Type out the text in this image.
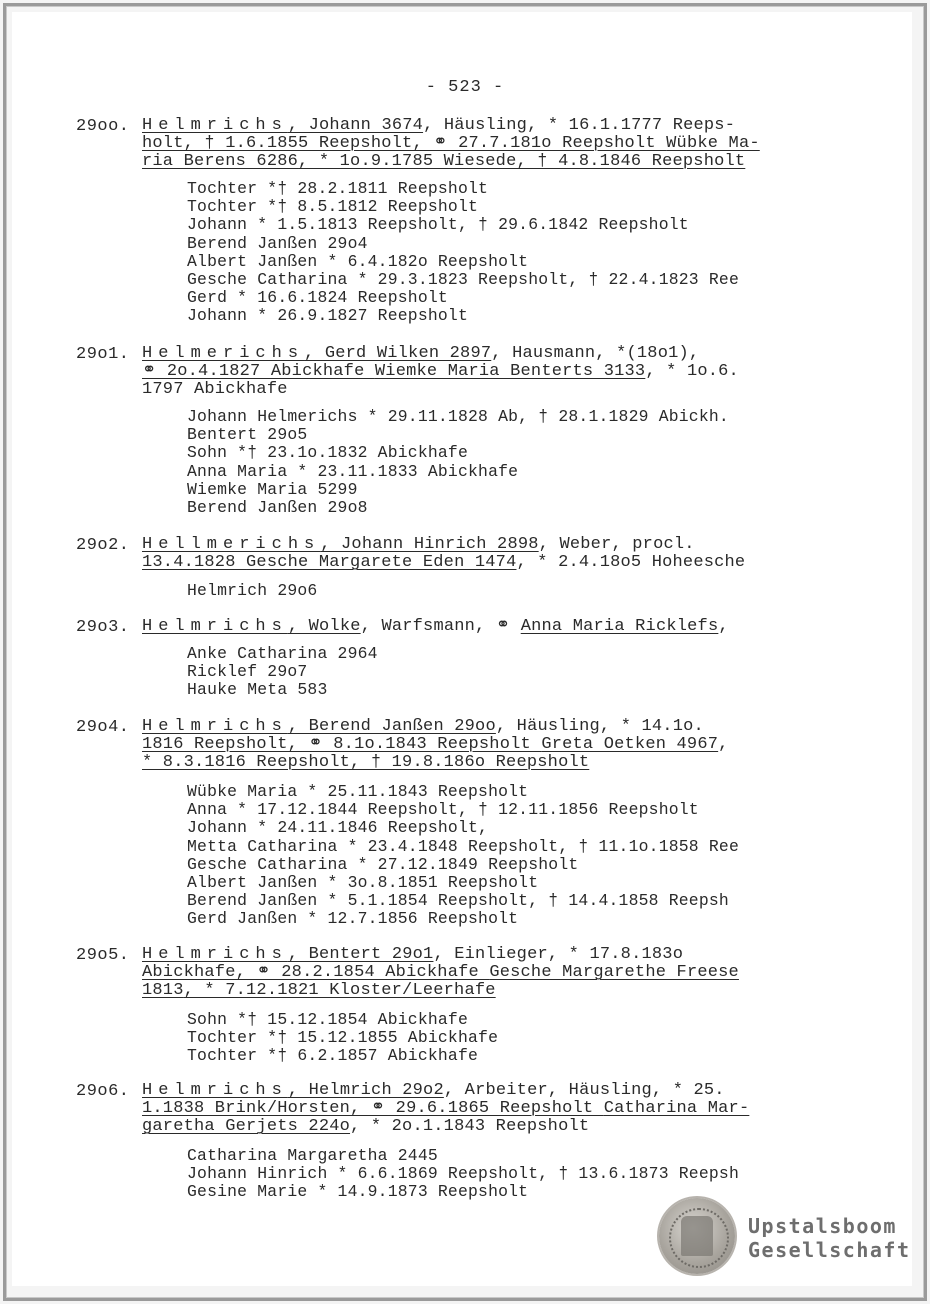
- 523 -
29oo. Helmrichs, Johann 3674, Häusling, * 16.1.1777 Reeps-
holt, † 1.6.1855 Reepsholt, ⚭ 27.7.181o Reepsholt Wübke Ma-
ria Berens 6286, * 1o.9.1785 Wiesede, † 4.8.1846 Reepsholt
Tochter *† 28.2.1811 Reepsholt
Tochter *† 8.5.1812 Reepsholt
Johann * 1.5.1813 Reepsholt, † 29.6.1842 Reepsholt
Berend Janßen 29o4
Albert Janßen * 6.4.182o Reepsholt
Gesche Catharina * 29.3.1823 Reepsholt, † 22.4.1823 Ree
Gerd * 16.6.1824 Reepsholt
Johann * 26.9.1827 Reepsholt
29o1. Helmerichs, Gerd Wilken 2897, Hausmann, *(18o1),
⚭ 2o.4.1827 Abickhafe Wiemke Maria Benterts 3133, * 1o.6.
1797 Abickhafe
Johann Helmerichs * 29.11.1828 Ab, † 28.1.1829 Abickh.
Bentert 29o5
Sohn *† 23.1o.1832 Abickhafe
Anna Maria * 23.11.1833 Abickhafe
Wiemke Maria 5299
Berend Janßen 29o8
29o2. Hellmerichs, Johann Hinrich 2898, Weber, procl.
13.4.1828 Gesche Margarete Eden 1474, * 2.4.18o5 Hoheesche
Helmrich 29o6
29o3. Helmrichs, Wolke, Warfsmann, ⚭ Anna Maria Ricklefs,
Anke Catharina 2964
Ricklef 29o7
Hauke Meta 583
29o4. Helmrichs, Berend Janßen 29oo, Häusling, * 14.1o.
1816 Reepsholt, ⚭ 8.1o.1843 Reepsholt Greta Oetken 4967,
* 8.3.1816 Reepsholt, † 19.8.186o Reepsholt
Wübke Maria * 25.11.1843 Reepsholt
Anna * 17.12.1844 Reepsholt, † 12.11.1856 Reepsholt
Johann * 24.11.1846 Reepsholt,
Metta Catharina * 23.4.1848 Reepsholt, † 11.1o.1858 Ree
Gesche Catharina * 27.12.1849 Reepsholt
Albert Janßen * 3o.8.1851 Reepsholt
Berend Janßen * 5.1.1854 Reepsholt, † 14.4.1858 Reepsh
Gerd Janßen * 12.7.1856 Reepsholt
29o5. Helmrichs, Bentert 29o1, Einlieger, * 17.8.183o
Abickhafe, ⚭ 28.2.1854 Abickhafe Gesche Margarethe Freese
1813, * 7.12.1821 Kloster/Leerhafe
Sohn *† 15.12.1854 Abickhafe
Tochter *† 15.12.1855 Abickhafe
Tochter *† 6.2.1857 Abickhafe
29o6. Helmrichs, Helmrich 29o2, Arbeiter, Häusling, * 25.
1.1838 Brink/Horsten, ⚭ 29.6.1865 Reepsholt Catharina Mar-
garetha Gerjets 224o, * 2o.1.1843 Reepsholt
Catharina Margaretha 2445
Johann Hinrich * 6.6.1869 Reepsholt, † 13.6.1873 Reepsh
Gesine Marie * 14.9.1873 Reepsholt
Upstalsboom
Gesellschaft
